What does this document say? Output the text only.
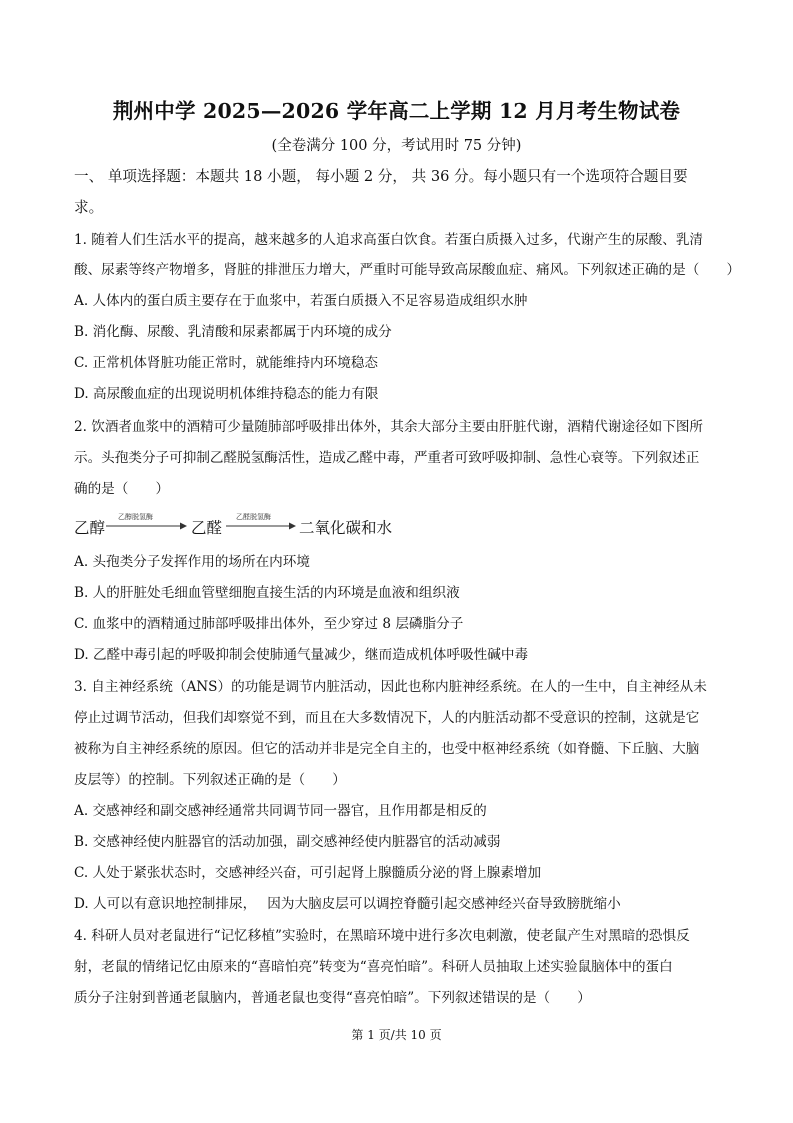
荆州中学 2025—2026 学年高二上学期 12 月月考生物试卷
(全卷满分 100 分，考试用时 75 分钟)
一、 单项选择题：本题共 18 小题， 每小题 2 分， 共 36 分。每小题只有一个选项符合题目要
求。
1. 随着人们生活水平的提高，越来越多的人追求高蛋白饮食。若蛋白质摄入过多，代谢产生的尿酸、乳清
酸、尿素等终产物增多，肾脏的排泄压力增大，严重时可能导致高尿酸血症、痛风。下列叙述正确的是（　　）
A. 人体内的蛋白质主要存在于血浆中，若蛋白质摄入不足容易造成组织水肿
B. 消化酶、尿酸、乳清酸和尿素都属于内环境的成分
C. 正常机体肾脏功能正常时，就能维持内环境稳态
D. 高尿酸血症的出现说明机体维持稳态的能力有限
2. 饮酒者血浆中的酒精可少量随肺部呼吸排出体外，其余大部分主要由肝脏代谢，酒精代谢途径如下图所
示。头孢类分子可抑制乙醛脱氢酶活性，造成乙醛中毒，严重者可致呼吸抑制、急性心衰等。下列叙述正
确的是（　　）
乙醇
乙醇脱氢酶
乙醛
乙醛脱氢酶
二氧化碳和水
A. 头孢类分子发挥作用的场所在内环境
B. 人的肝脏处毛细血管壁细胞直接生活的内环境是血液和组织液
C. 血浆中的酒精通过肺部呼吸排出体外，至少穿过 8 层磷脂分子
D. 乙醛中毒引起的呼吸抑制会使肺通气量减少，继而造成机体呼吸性碱中毒
3. 自主神经系统（ANS）的功能是调节内脏活动，因此也称内脏神经系统。在人的一生中，自主神经从未
停止过调节活动，但我们却察觉不到，而且在大多数情况下，人的内脏活动都不受意识的控制，这就是它
被称为自主神经系统的原因。但它的活动并非是完全自主的，也受中枢神经系统（如脊髓、下丘脑、大脑
皮层等）的控制。下列叙述正确的是（　　）
A. 交感神经和副交感神经通常共同调节同一器官，且作用都是相反的
B. 交感神经使内脏器官的活动加强，副交感神经使内脏器官的活动减弱
C. 人处于紧张状态时，交感神经兴奋，可引起肾上腺髓质分泌的肾上腺素增加
D. 人可以有意识地控制排尿，　 因为大脑皮层可以调控脊髓引起交感神经兴奋导致膀胱缩小
4. 科研人员对老鼠进行“记忆移植”实验时，在黑暗环境中进行多次电刺激，使老鼠产生对黑暗的恐惧反
射，老鼠的情绪记忆由原来的“喜暗怕亮”转变为“喜亮怕暗”。科研人员抽取上述实验鼠脑体中的蛋白
质分子注射到普通老鼠脑内，普通老鼠也变得“喜亮怕暗”。下列叙述错误的是（　　）
第 1 页/共 10 页
